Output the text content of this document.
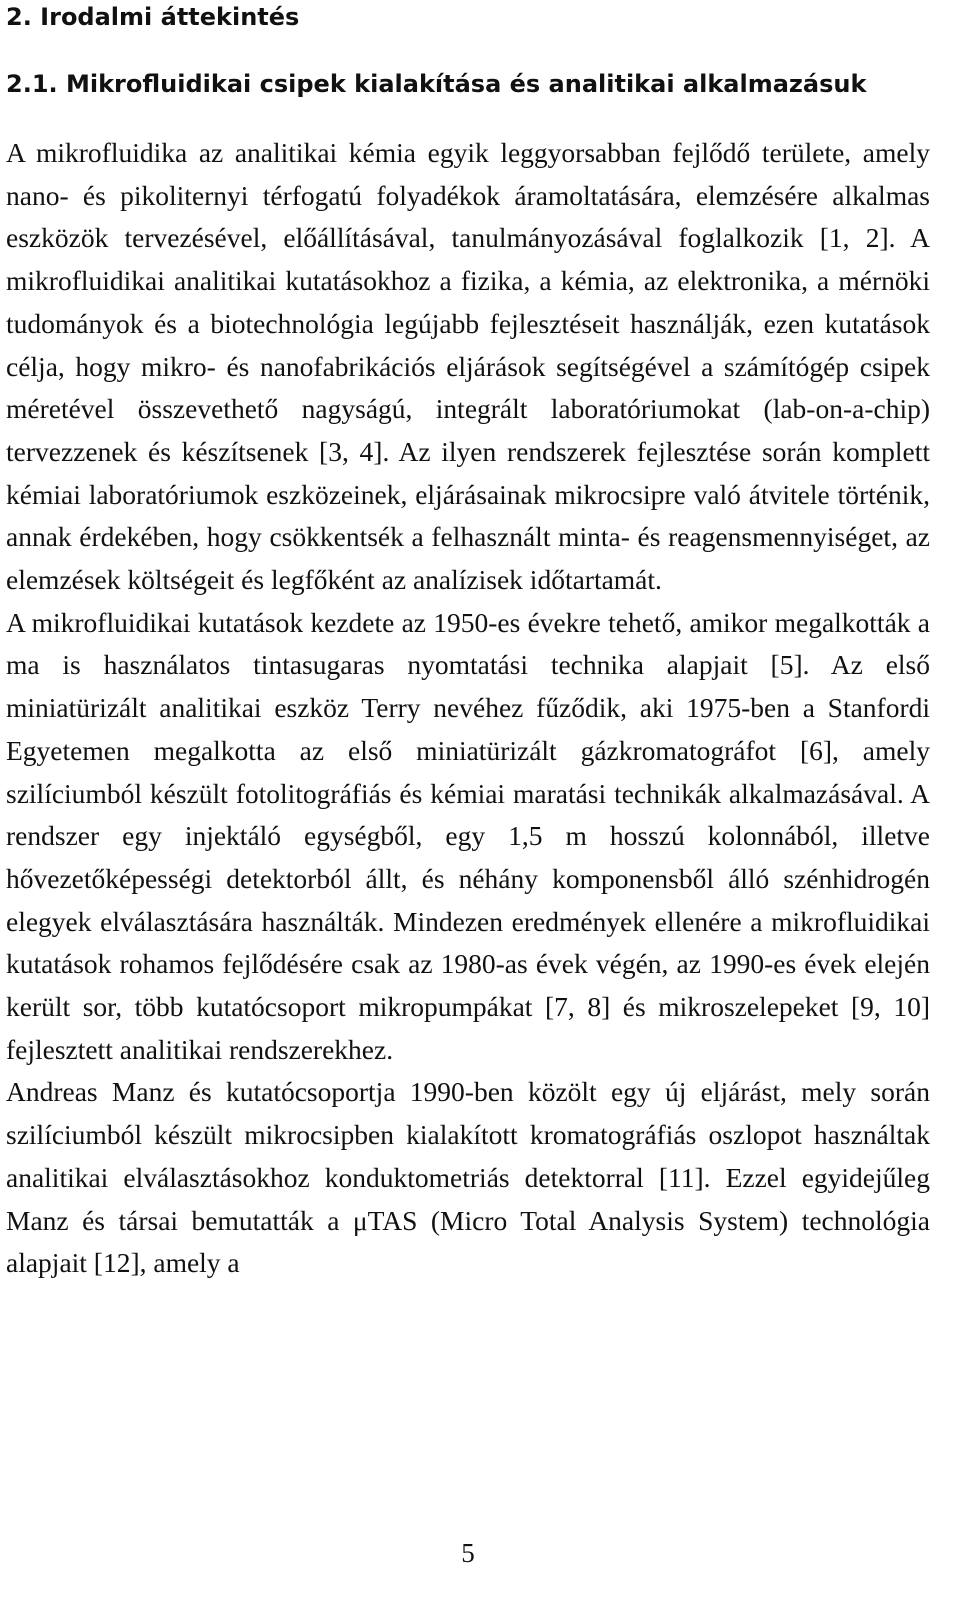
2. Irodalmi áttekintés
2.1. Mikrofluidikai csipek kialakítása és analitikai alkalmazásuk

A mikrofluidika az analitikai kémia egyik leggyorsabban fejlődő területe, amely nano- és pikoliternyi térfogatú folyadékok áramoltatására, elemzésére alkalmas eszközök tervezésével, előállításával, tanulmányozásával foglalkozik [1, 2]. A mikrofluidikai analitikai kutatásokhoz a fizika, a kémia, az elektronika, a mérnöki tudományok és a biotechnológia legújabb fejlesztéseit használják, ezen kutatások célja, hogy mikro- és nanofabrikációs eljárások segítségével a számítógép csipek méretével összevethető nagyságú, integrált laboratóriumokat (lab-on-a-chip) tervezzenek és készítsenek [3, 4]. Az ilyen rendszerek fejlesztése során komplett kémiai laboratóriumok eszközeinek, eljárásainak mikrocsipre való átvitele történik, annak érdekében, hogy csökkentsék a felhasznált minta- és reagensmennyiséget, az elemzések költségeit és legfőként az analízisek időtartamát.

A mikrofluidikai kutatások kezdete az 1950-es évekre tehető, amikor megalkották a ma is használatos tintasugaras nyomtatási technika alapjait [5]. Az első miniatürizált analitikai eszköz Terry nevéhez fűződik, aki 1975-ben a Stanfordi Egyetemen megalkotta az első miniatürizált gázkromatográfot [6], amely szilíciumból készült fotolitográfiás és kémiai maratási technikák alkalmazásával. A rendszer egy injektáló egységből, egy 1,5 m hosszú kolonnából, illetve hővezetőképességi detektorból állt, és néhány komponensből álló szénhidrogén elegyek elválasztására használták. Mindezen eredmények ellenére a mikrofluidikai kutatások rohamos fejlődésére csak az 1980-as évek végén, az 1990-es évek elején került sor, több kutatócsoport mikropumpákat [7, 8] és mikroszelepeket [9, 10] fejlesztett analitikai rendszerekhez.

Andreas Manz és kutatócsoportja 1990-ben közölt egy új eljárást, mely során szilíciumból készült mikrocsipben kialakított kromatográfiás oszlopot használtak analitikai elválasztásokhoz konduktometriás detektorral [11]. Ezzel egyidejűleg Manz és társai bemutatták a μTAS (Micro Total Analysis System) technológia alapjait [12], amely a

5
